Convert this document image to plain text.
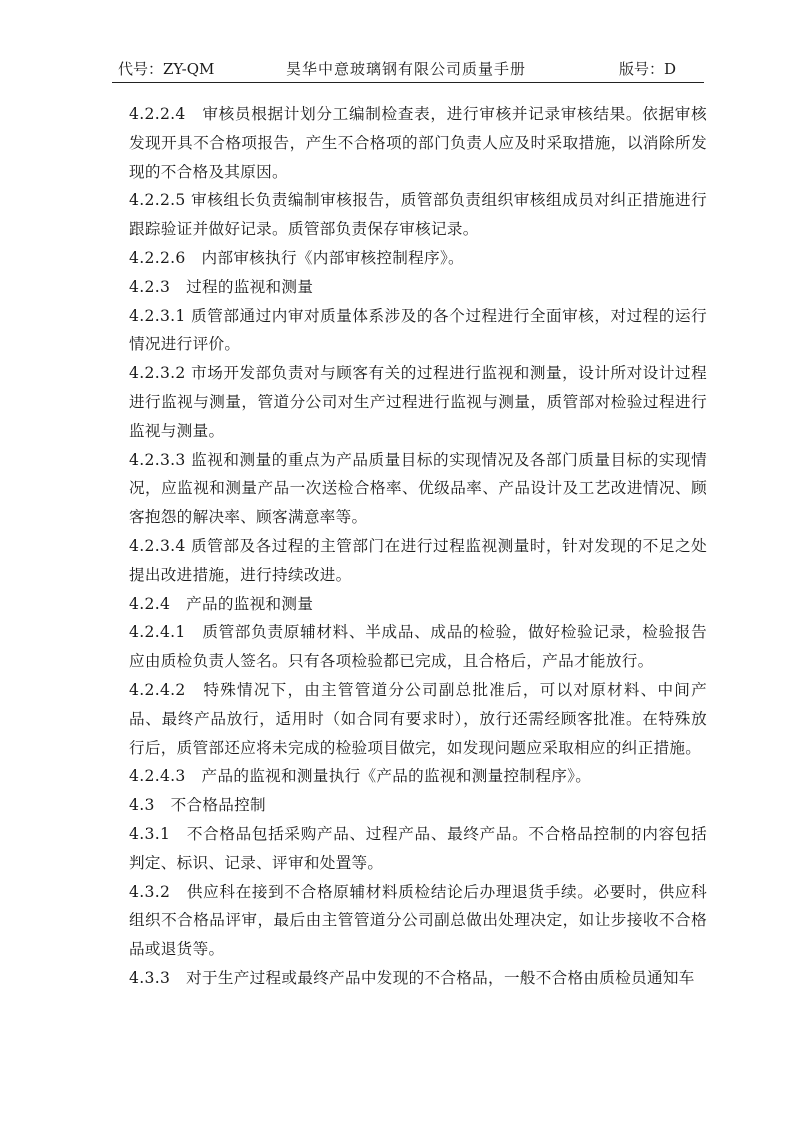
代号：ZY-QM	昊华中意玻璃钢有限公司质量手册	版号：D

4.2.2.4　审核员根据计划分工编制检查表，进行审核并记录审核结果。依据审核发现开具不合格项报告，产生不合格项的部门负责人应及时采取措施，以消除所发现的不合格及其原因。

4.2.2.5 审核组长负责编制审核报告，质管部负责组织审核组成员对纠正措施进行跟踪验证并做好记录。质管部负责保存审核记录。

4.2.2.6　内部审核执行《内部审核控制程序》。

4.2.3　过程的监视和测量

4.2.3.1 质管部通过内审对质量体系涉及的各个过程进行全面审核，对过程的运行情况进行评价。

4.2.3.2 市场开发部负责对与顾客有关的过程进行监视和测量，设计所对设计过程进行监视与测量，管道分公司对生产过程进行监视与测量，质管部对检验过程进行监视与测量。

4.2.3.3 监视和测量的重点为产品质量目标的实现情况及各部门质量目标的实现情况，应监视和测量产品一次送检合格率、优级品率、产品设计及工艺改进情况、顾客抱怨的解决率、顾客满意率等。

4.2.3.4 质管部及各过程的主管部门在进行过程监视测量时，针对发现的不足之处提出改进措施，进行持续改进。

4.2.4　产品的监视和测量

4.2.4.1　质管部负责原辅材料、半成品、成品的检验，做好检验记录，检验报告应由质检负责人签名。只有各项检验都已完成，且合格后，产品才能放行。

4.2.4.2　特殊情况下，由主管管道分公司副总批准后，可以对原材料、中间产品、最终产品放行，适用时（如合同有要求时），放行还需经顾客批准。在特殊放行后，质管部还应将未完成的检验项目做完，如发现问题应采取相应的纠正措施。

4.2.4.3　产品的监视和测量执行《产品的监视和测量控制程序》。

4.3　不合格品控制

4.3.1　不合格品包括采购产品、过程产品、最终产品。不合格品控制的内容包括判定、标识、记录、评审和处置等。

4.3.2　供应科在接到不合格原辅材料质检结论后办理退货手续。必要时，供应科组织不合格品评审，最后由主管管道分公司副总做出处理决定，如让步接收不合格品或退货等。

4.3.3　对于生产过程或最终产品中发现的不合格品，一般不合格由质检员通知车
